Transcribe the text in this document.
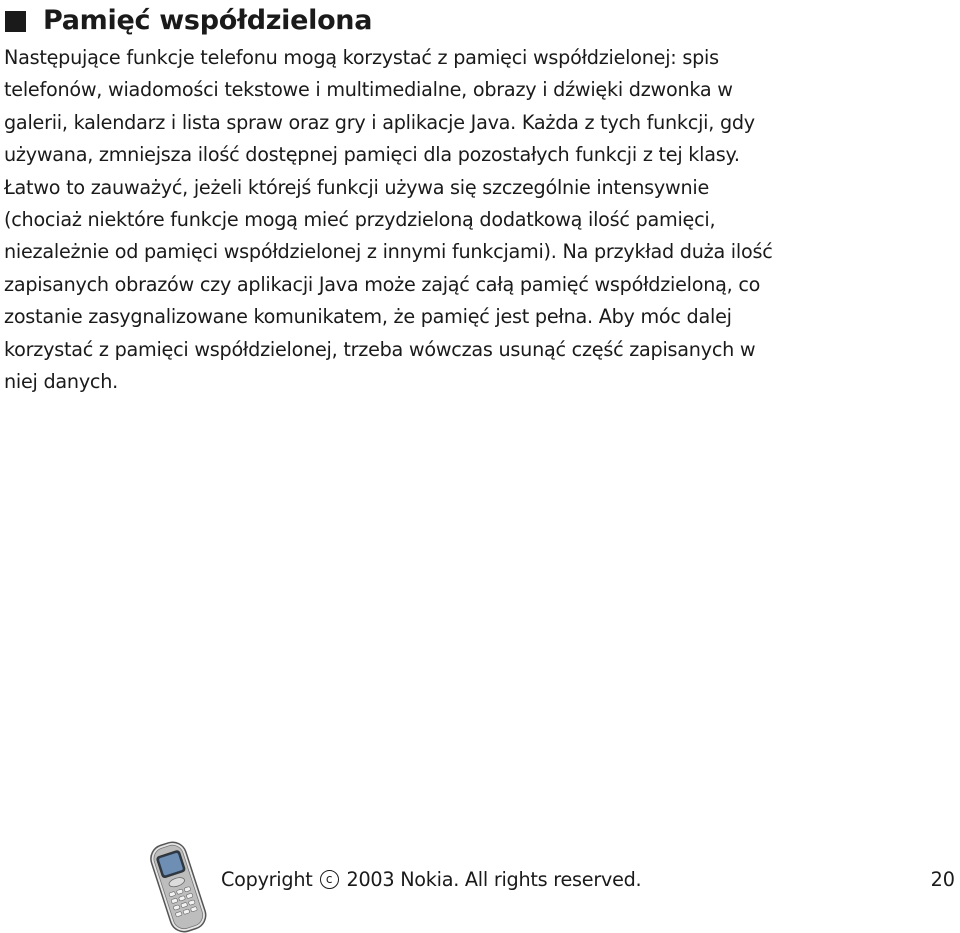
Pamięć współdzielona

Następujące funkcje telefonu mogą korzystać z pamięci współdzielonej: spis
telefonów, wiadomości tekstowe i multimedialne, obrazy i dźwięki dzwonka w
galerii, kalendarz i lista spraw oraz gry i aplikacje Java. Każda z tych funkcji, gdy
używana, zmniejsza ilość dostępnej pamięci dla pozostałych funkcji z tej klasy.
Łatwo to zauważyć, jeżeli którejś funkcji używa się szczególnie intensywnie
(chociaż niektóre funkcje mogą mieć przydzieloną dodatkową ilość pamięci,
niezależnie od pamięci współdzielonej z innymi funkcjami). Na przykład duża ilość
zapisanych obrazów czy aplikacji Java może zająć całą pamięć współdzieloną, co
zostanie zasygnalizowane komunikatem, że pamięć jest pełna. Aby móc dalej
korzystać z pamięci współdzielonej, trzeba wówczas usunąć część zapisanych w
niej danych.

Copyright	c 2003 Nokia. All rights reserved.	20
